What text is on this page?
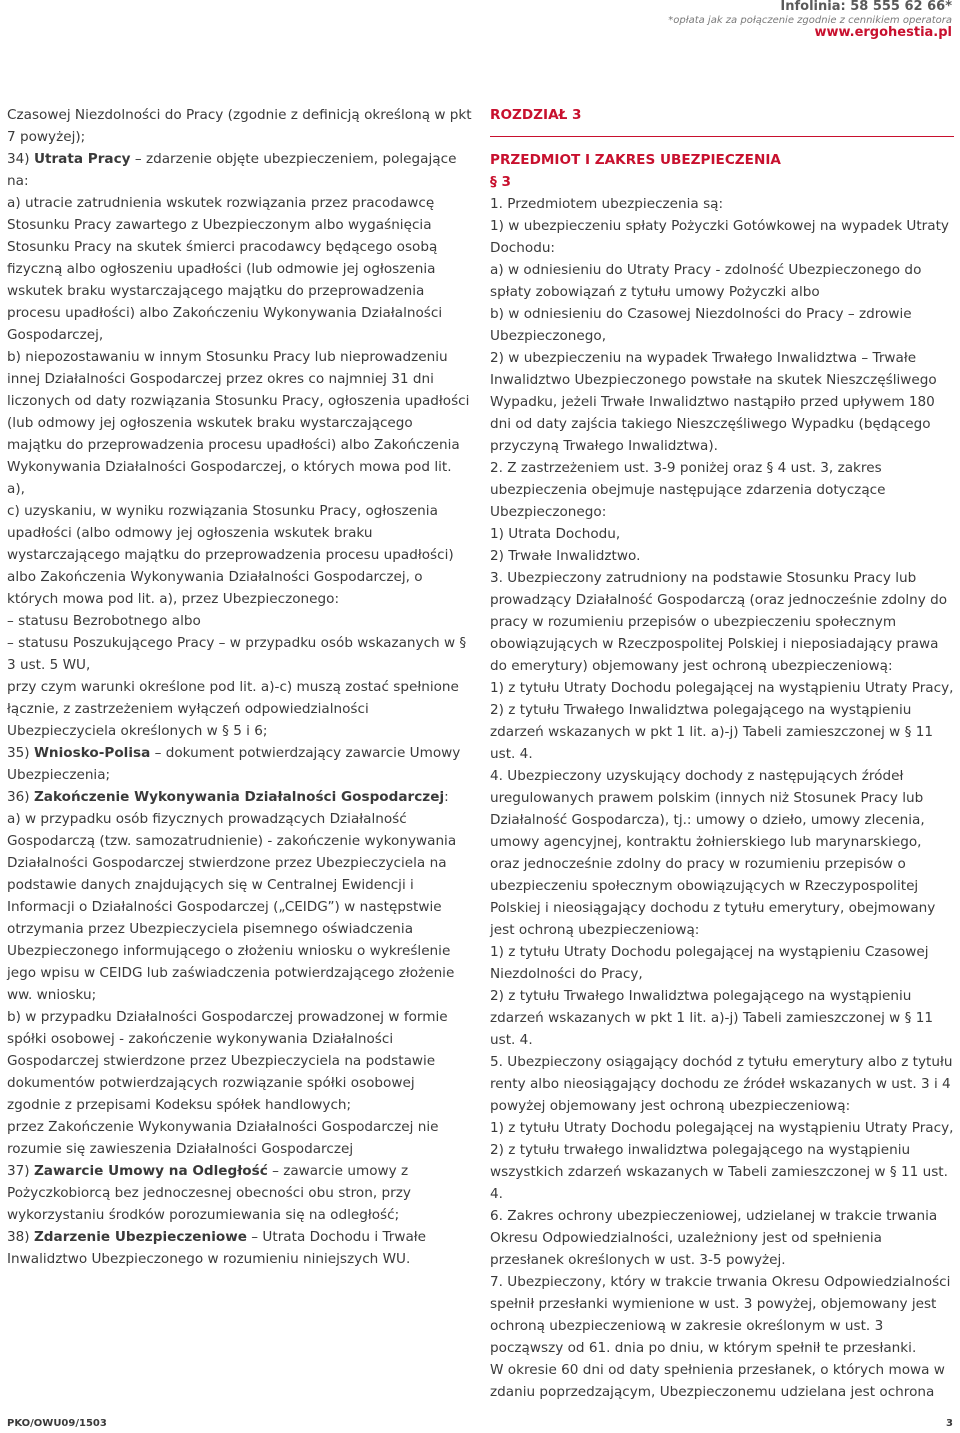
Infolinia: 58 555 62 66*
*opłata jak za połączenie zgodnie z cennikiem operatora
www.ergohestia.pl

Czasowej Niezdolności do Pracy (zgodnie z definicją określoną w pkt 7 powyżej);

34) Utrata Pracy – zdarzenie objęte ubezpieczeniem, polegające na:

a) utracie zatrudnienia wskutek rozwiązania przez pracodawcę Stosunku Pracy zawartego z Ubezpieczonym albo wygaśnięcia Stosunku Pracy na skutek śmierci pracodawcy będącego osobą fizyczną albo ogłoszeniu upadłości (lub odmowie jej ogłoszenia wskutek braku wystarczającego majątku do przeprowadzenia procesu upadłości) albo Zakończeniu Wykonywania Działalności Gospodarczej,

b) niepozostawaniu w innym Stosunku Pracy lub nieprowadzeniu innej Działalności Gospodarczej przez okres co najmniej 31 dni liczonych od daty rozwiązania Stosunku Pracy, ogłoszenia upadłości (lub odmowy jej ogłoszenia wskutek braku wystarczającego majątku do przeprowadzenia procesu upadłości) albo Zakończenia Wykonywania Działalności Gospodarczej, o których mowa pod lit. a),

c) uzyskaniu, w wyniku rozwiązania Stosunku Pracy, ogłoszenia upadłości (albo odmowy jej ogłoszenia wskutek braku wystarczającego majątku do przeprowadzenia procesu upadłości) albo Zakończenia Wykonywania Działalności Gospodarczej, o których mowa pod lit. a), przez Ubezpieczonego:

– statusu Bezrobotnego albo

– statusu Poszukującego Pracy – w przypadku osób wskazanych w § 3 ust. 5 WU,

przy czym warunki określone pod lit. a)-c) muszą zostać spełnione łącznie, z zastrzeżeniem wyłączeń odpowiedzialności Ubezpieczyciela określonych w § 5 i 6;

35) Wniosko-Polisa – dokument potwierdzający zawarcie Umowy Ubezpieczenia;

36) Zakończenie Wykonywania Działalności Gospodarczej:

a) w przypadku osób fizycznych prowadzących Działalność Gospodarczą (tzw. samozatrudnienie) - zakończenie wykonywania Działalności Gospodarczej stwierdzone przez Ubezpieczyciela na podstawie danych znajdujących się w Centralnej Ewidencji i Informacji o Działalności Gospodarczej („CEIDG”) w następstwie otrzymania przez Ubezpieczyciela pisemnego oświadczenia Ubezpieczonego informującego o złożeniu wniosku o wykreślenie jego wpisu w CEIDG lub zaświadczenia potwierdzającego złożenie ww. wniosku;

b) w przypadku Działalności Gospodarczej prowadzonej w formie spółki osobowej - zakończenie wykonywania Działalności Gospodarczej stwierdzone przez Ubezpieczyciela na podstawie dokumentów potwierdzających rozwiązanie spółki osobowej zgodnie z przepisami Kodeksu spółek handlowych;

przez Zakończenie Wykonywania Działalności Gospodarczej nie rozumie się zawieszenia Działalności Gospodarczej

37) Zawarcie Umowy na Odległość – zawarcie umowy z Pożyczkobiorcą bez jednoczesnej obecności obu stron, przy wykorzystaniu środków porozumiewania się na odległość;

38) Zdarzenie Ubezpieczeniowe – Utrata Dochodu i Trwałe Inwalidztwo Ubezpieczonego w rozumieniu niniejszych WU.

ROZDZIAŁ 3

PRZEDMIOT I ZAKRES UBEZPIECZENIA

§ 3

1. Przedmiotem ubezpieczenia są:

1) w ubezpieczeniu spłaty Pożyczki Gotówkowej na wypadek Utraty Dochodu:

a) w odniesieniu do Utraty Pracy - zdolność Ubezpieczonego do spłaty zobowiązań z tytułu umowy Pożyczki albo

b) w odniesieniu do Czasowej Niezdolności do Pracy – zdrowie Ubezpieczonego,

2) w ubezpieczeniu na wypadek Trwałego Inwalidztwa – Trwałe Inwalidztwo Ubezpieczonego powstałe na skutek Nieszczęśliwego Wypadku, jeżeli Trwałe Inwalidztwo nastąpiło przed upływem 180 dni od daty zajścia takiego Nieszczęśliwego Wypadku (będącego przyczyną Trwałego Inwalidztwa).

2. Z zastrzeżeniem ust. 3-9 poniżej oraz § 4 ust. 3, zakres ubezpieczenia obejmuje następujące zdarzenia dotyczące Ubezpieczonego:

1) Utrata Dochodu,

2) Trwałe Inwalidztwo.

3. Ubezpieczony zatrudniony na podstawie Stosunku Pracy lub prowadzący Działalność Gospodarczą (oraz jednocześnie zdolny do pracy w rozumieniu przepisów o ubezpieczeniu społecznym obowiązujących w Rzeczpospolitej Polskiej i nieposiadający prawa do emerytury) objemowany jest ochroną ubezpieczeniową:

1) z tytułu Utraty Dochodu polegającej na wystąpieniu Utraty Pracy,

2) z tytułu Trwałego Inwalidztwa polegającego na wystąpieniu zdarzeń wskazanych w pkt 1 lit. a)-j) Tabeli zamieszczonej w § 11 ust. 4.

4. Ubezpieczony uzyskujący dochody z następujących źródeł uregulowanych prawem polskim (innych niż Stosunek Pracy lub Działalność Gospodarcza), tj.: umowy o dzieło, umowy zlecenia, umowy agencyjnej, kontraktu żołnierskiego lub marynarskiego, oraz jednocześnie zdolny do pracy w rozumieniu przepisów o ubezpieczeniu społecznym obowiązujących w Rzeczypospolitej Polskiej i nieosiągający dochodu z tytułu emerytury, obejmowany jest ochroną ubezpieczeniową:

1) z tytułu Utraty Dochodu polegającej na wystąpieniu Czasowej Niezdolności do Pracy,

2) z tytułu Trwałego Inwalidztwa polegającego na wystąpieniu zdarzeń wskazanych w pkt 1 lit. a)-j) Tabeli zamieszczonej w § 11 ust. 4.

5. Ubezpieczony osiągający dochód z tytułu emerytury albo z tytułu renty albo nieosiągający dochodu ze źródeł wskazanych w ust. 3 i 4 powyżej objemowany jest ochroną ubezpieczeniową:

1) z tytułu Utraty Dochodu polegającej na wystąpieniu Utraty Pracy,

2) z tytułu trwałego inwalidztwa polegającego na wystąpieniu wszystkich zdarzeń wskazanych w Tabeli zamieszczonej w § 11 ust. 4.

6. Zakres ochrony ubezpieczeniowej, udzielanej w trakcie trwania Okresu Odpowiedzialności, uzależniony jest od spełnienia przesłanek określonych w ust. 3-5 powyżej.

7. Ubezpieczony, który w trakcie trwania Okresu Odpowiedzialności spełnił przesłanki wymienione w ust. 3 powyżej, objemowany jest ochroną ubezpieczeniową w zakresie określonym w ust. 3 począwszy od 61. dnia po dniu, w którym spełnił te przesłanki.

W okresie 60 dni od daty spełnienia przesłanek, o których mowa w zdaniu poprzedzającym, Ubezpieczonemu udzielana jest ochrona

PKO/OWU09/1503	3
